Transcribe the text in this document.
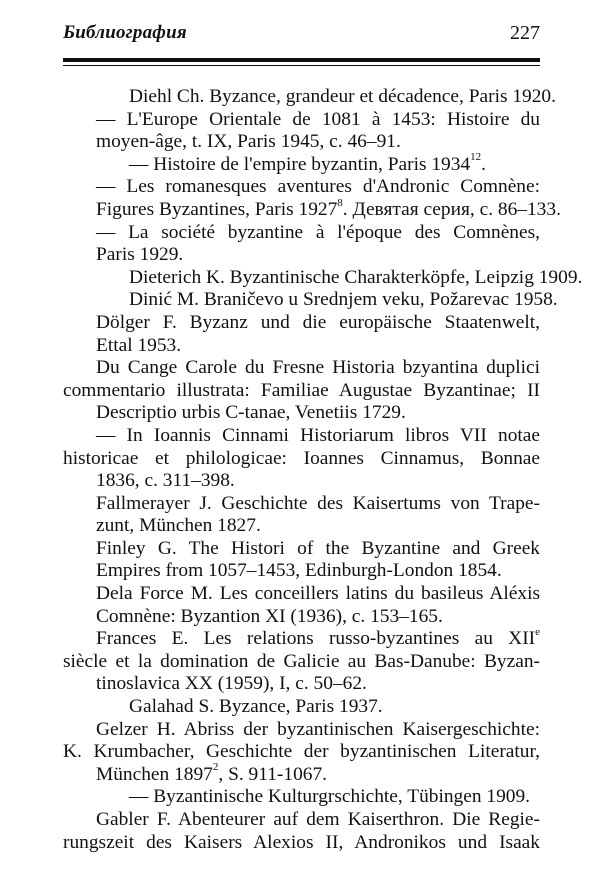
Библиография	227
Diehl Ch. Byzance, grandeur et décadence, Paris 1920.
— L'Europe Orientale de 1081 à 1453: Histoire du
moyen-âge, t. IX, Paris 1945, c. 46–91.
— Histoire de l'empire byzantin, Paris 1934$^{12}$.
— Les romanesques aventures d'Andronic Comnène:
Figures Byzantines, Paris 1927$^8$. Девятая серия, с. 86–133.
— La société byzantine à l'époque des Comnènes,
Paris 1929.
Dieterich K. Byzantinische Charakterköpfe, Leipzig 1909.
Dinić M. Braničevo u Srednjem veku, Požarevac 1958.
Dölger F. Byzanz und die europäische Staatenwelt,
Ettal 1953.
Du Cange Carole du Fresne Historia bzyantina duplici
commentario illustrata: Familiae Augustae Byzantinae; II
Descriptio urbis C-tanae, Venetiis 1729.
— In Ioannis Cinnami Historiarum libros VII notae
historicae et philologicae: Ioannes Cinnamus, Bonnae
1836, c. 311–398.
Fallmerayer J. Geschichte des Kaisertums von Trape-
zunt, München 1827.
Finley G. The Histori of the Byzantine and Greek
Empires from 1057–1453, Edinburgh-London 1854.
Dela Force M. Les conceillers latins du basileus Aléxis
Comnène: Byzantion XI (1936), c. 153–165.
Frances E. Les relations russo-byzantines au XIIe
siècle et la domination de Galicie au Bas-Danube: Byzan-
tinoslavica XX (1959), I, c. 50–62.
Galahad S. Byzance, Paris 1937.
Gelzer H. Abriss der byzantinischen Kaisergeschichte:
K. Krumbacher, Geschichte der byzantinischen Literatur,
München 1897$^2$, S. 911-1067.
— Byzantinische Kulturgrschichte, Tübingen 1909.
Gabler F. Abenteurer auf dem Kaiserthron. Die Regie-
rungszeit des Kaisers Alexios II, Andronikos und Isaak
